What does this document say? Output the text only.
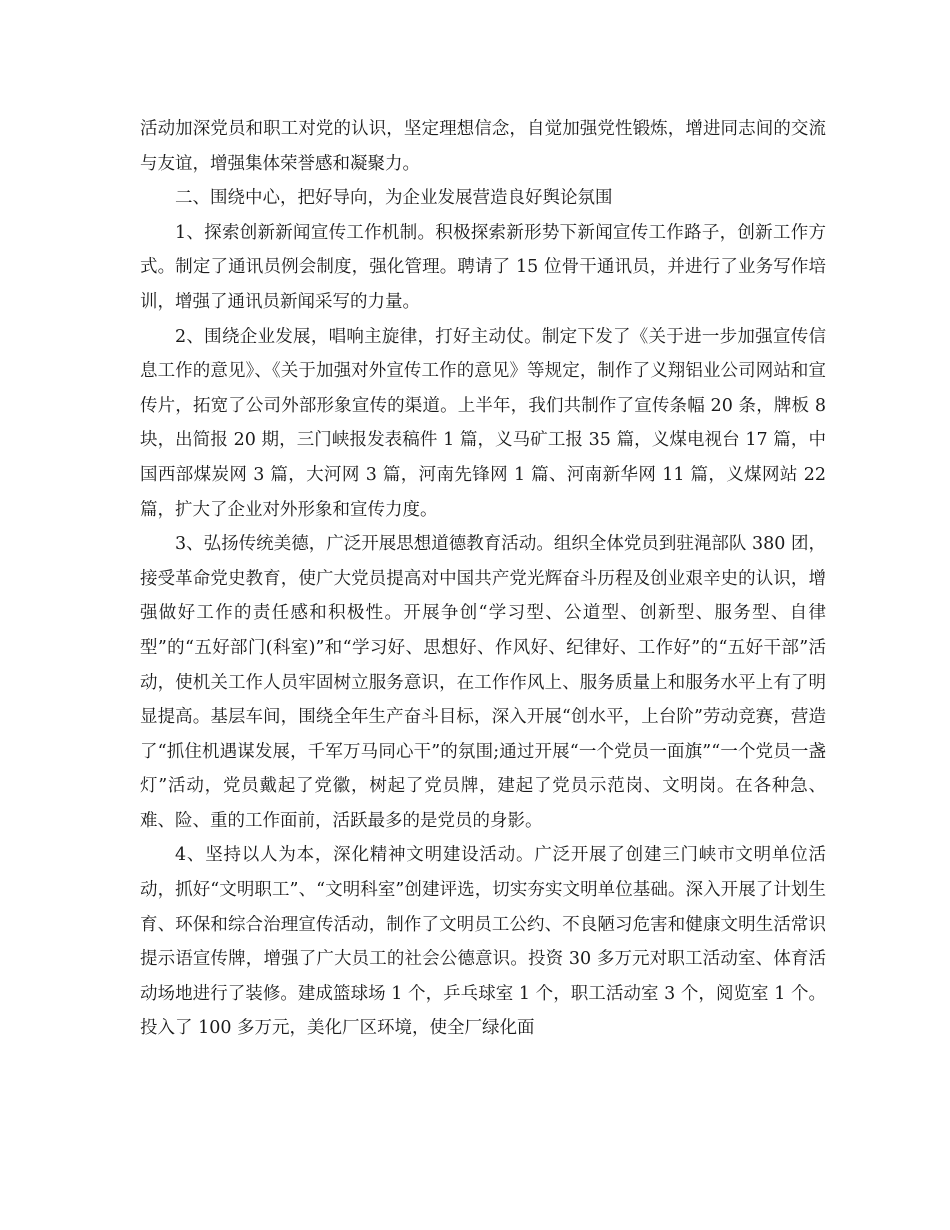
活动加深党员和职工对党的认识，坚定理想信念，自觉加强党性锻炼，增进同志间的交流与友谊，增强集体荣誉感和凝聚力。

二、围绕中心，把好导向，为企业发展营造良好舆论氛围

1、探索创新新闻宣传工作机制。积极探索新形势下新闻宣传工作路子，创新工作方式。制定了通讯员例会制度，强化管理。聘请了 15 位骨干通讯员，并进行了业务写作培训，增强了通讯员新闻采写的力量。

2、围绕企业发展，唱响主旋律，打好主动仗。制定下发了《关于进一步加强宣传信息工作的意见》、《关于加强对外宣传工作的意见》等规定，制作了义翔铝业公司网站和宣传片，拓宽了公司外部形象宣传的渠道。上半年，我们共制作了宣传条幅 20 条，牌板 8 块，出简报 20 期，三门峡报发表稿件 1 篇，义马矿工报 35 篇，义煤电视台 17 篇，中国西部煤炭网 3 篇，大河网 3 篇，河南先锋网 1 篇、河南新华网 11 篇，义煤网站 22 篇，扩大了企业对外形象和宣传力度。

3、弘扬传统美德，广泛开展思想道德教育活动。组织全体党员到驻渑部队 380 团，接受革命党史教育，使广大党员提高对中国共产党光辉奋斗历程及创业艰辛史的认识，增强做好工作的责任感和积极性。开展争创“学习型、公道型、创新型、服务型、自律型”的“五好部门(科室)”和“学习好、思想好、作风好、纪律好、工作好”的“五好干部”活动，使机关工作人员牢固树立服务意识，在工作作风上、服务质量上和服务水平上有了明显提高。基层车间，围绕全年生产奋斗目标，深入开展“创水平，上台阶”劳动竞赛，营造了“抓住机遇谋发展，千军万马同心干”的氛围;通过开展“一个党员一面旗”“一个党员一盏灯”活动，党员戴起了党徽，树起了党员牌，建起了党员示范岗、文明岗。在各种急、难、险、重的工作面前，活跃最多的是党员的身影。

4、坚持以人为本，深化精神文明建设活动。广泛开展了创建三门峡市文明单位活动，抓好“文明职工”、“文明科室”创建评选，切实夯实文明单位基础。深入开展了计划生育、环保和综合治理宣传活动，制作了文明员工公约、不良陋习危害和健康文明生活常识提示语宣传牌，增强了广大员工的社会公德意识。投资 30 多万元对职工活动室、体育活动场地进行了装修。建成篮球场 1 个，乒乓球室 1 个，职工活动室 3 个，阅览室 1 个。投入了 100 多万元，美化厂区环境，使全厂绿化面
